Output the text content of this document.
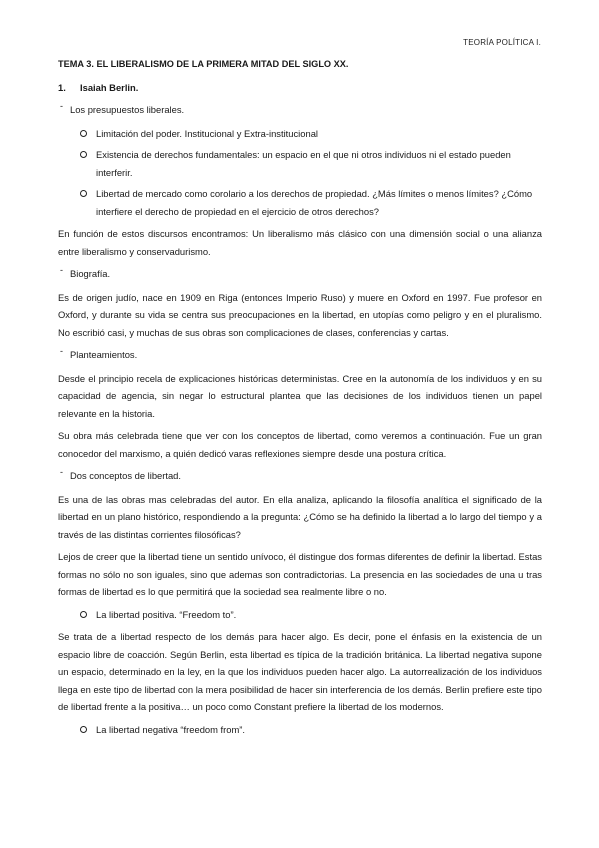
TEORÍA POLÍTICA I.
TEMA 3. EL LIBERALISMO DE LA PRIMERA MITAD DEL SIGLO XX.
1. Isaiah Berlin.
- Los presupuestos liberales.
Limitación del poder. Institucional y Extra-institucional
Existencia de derechos fundamentales: un espacio en el que ni otros individuos ni el estado pueden interferir.
Libertad de mercado como corolario a los derechos de propiedad. ¿Más límites o menos límites? ¿Cómo interfiere el derecho de propiedad en el ejercicio de otros derechos?

En función de estos discursos encontramos: Un liberalismo más clásico con una dimensión social o una alianza entre liberalismo y conservadurismo.

- Biografía.

Es de origen judío, nace en 1909 en Riga (entonces Imperio Ruso) y muere en Oxford en 1997. Fue profesor en Oxford, y durante su vida se centra sus preocupaciones en la libertad, en utopías como peligro y en el pluralismo. No escribió casi, y muchas de sus obras son complicaciones de clases, conferencias y cartas.

- Planteamientos.

Desde el principio recela de explicaciones históricas deterministas. Cree en la autonomía de los individuos y en su capacidad de agencia, sin negar lo estructural plantea que las decisiones de los individuos tienen un papel relevante en la historia.

Su obra más celebrada tiene que ver con los conceptos de libertad, como veremos a continuación. Fue un gran conocedor del marxismo, a quién dedicó varas reflexiones siempre desde una postura crítica.

- Dos conceptos de libertad.

Es una de las obras mas celebradas del autor. En ella analiza, aplicando la filosofía analítica el significado de la libertad en un plano histórico, respondiendo a la pregunta: ¿Cómo se ha definido la libertad a lo largo del tiempo y a través de las distintas corrientes filosóficas?

Lejos de creer que la libertad tiene un sentido unívoco, él distingue dos formas diferentes de definir la libertad. Estas formas no sólo no son iguales, sino que ademas son contradictorias. La presencia en las sociedades de una u tras formas de libertad es lo que permitirá que la sociedad sea realmente libre o no.

La libertad positiva. “Freedom to”.

Se trata de a libertad respecto de los demás para hacer algo. Es decir, pone el énfasis en la existencia de un espacio libre de coacción. Según Berlin, esta libertad es típica de la tradición británica. La libertad negativa supone un espacio, determinado en la ley, en la que los individuos pueden hacer algo. La autorrealización de los individuos llega en este tipo de libertad con la mera posibilidad de hacer sin interferencia de los demás. Berlin prefiere este tipo de libertad frente a la positiva… un poco como Constant prefiere la libertad de los modernos.

La libertad negativa “freedom from”.
